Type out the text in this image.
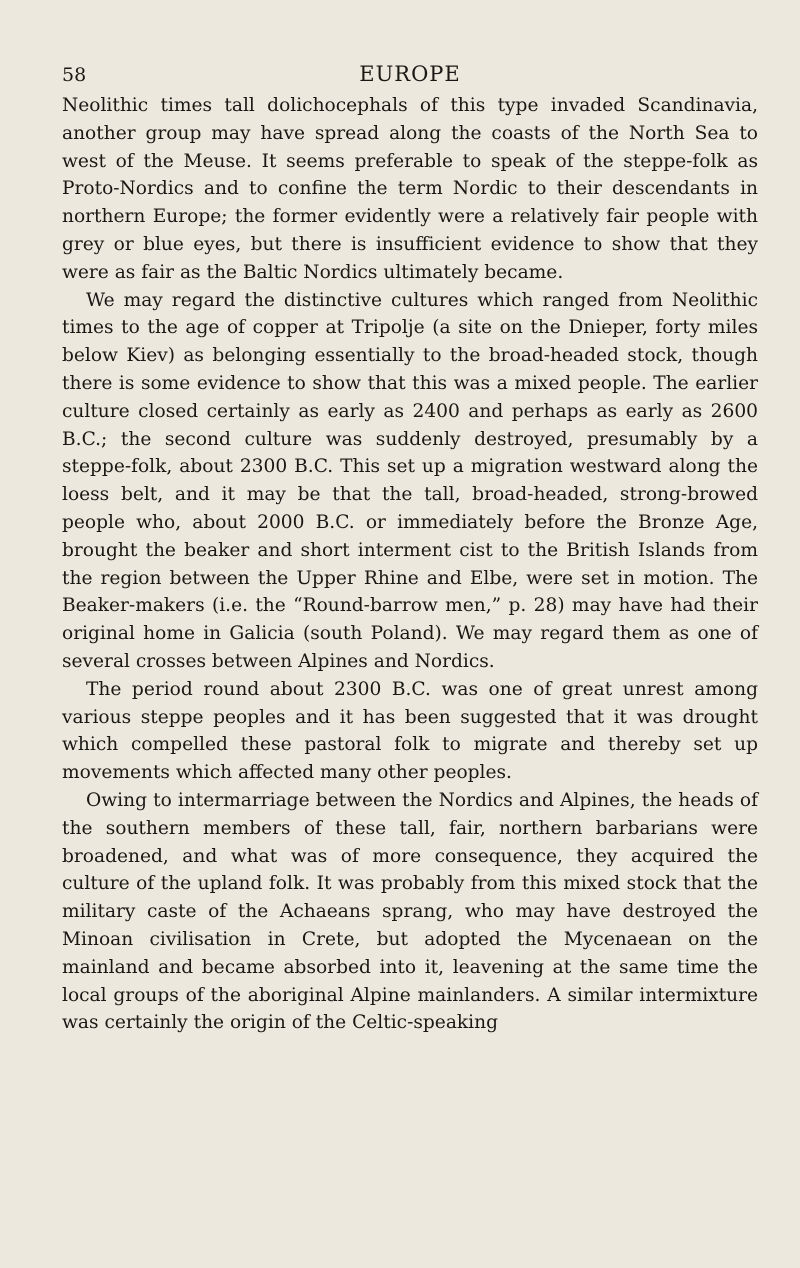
58	EUROPE

Neolithic times tall dolichocephals of this type invaded Scandinavia, another group may have spread along the coasts of the North Sea to west of the Meuse. It seems preferable to speak of the steppe-folk as Proto-Nordics and to confine the term Nordic to their descendants in northern Europe; the former evidently were a relatively fair people with grey or blue eyes, but there is insufficient evidence to show that they were as fair as the Baltic Nordics ultimately became.

We may regard the distinctive cultures which ranged from Neolithic times to the age of copper at Tripolje (a site on the Dnieper, forty miles below Kiev) as belonging essentially to the broad-headed stock, though there is some evidence to show that this was a mixed people. The earlier culture closed certainly as early as 2400 and perhaps as early as 2600 B.C.; the second culture was suddenly destroyed, presumably by a steppe-folk, about 2300 B.C. This set up a migration westward along the loess belt, and it may be that the tall, broad-headed, strong-browed people who, about 2000 B.C. or immediately before the Bronze Age, brought the beaker and short interment cist to the British Islands from the region between the Upper Rhine and Elbe, were set in motion. The Beaker-makers (i.e. the “Round-barrow men,” p. 28) may have had their original home in Galicia (south Poland). We may regard them as one of several crosses between Alpines and Nordics.

The period round about 2300 B.C. was one of great unrest among various steppe peoples and it has been suggested that it was drought which compelled these pastoral folk to migrate and thereby set up movements which affected many other peoples.

Owing to intermarriage between the Nordics and Alpines, the heads of the southern members of these tall, fair, northern barbarians were broadened, and what was of more consequence, they acquired the culture of the upland folk. It was probably from this mixed stock that the military caste of the Achaeans sprang, who may have destroyed the Minoan civilisation in Crete, but adopted the Mycenaean on the mainland and became absorbed into it, leavening at the same time the local groups of the aboriginal Alpine mainlanders. A similar intermixture was certainly the origin of the Celtic-speaking
